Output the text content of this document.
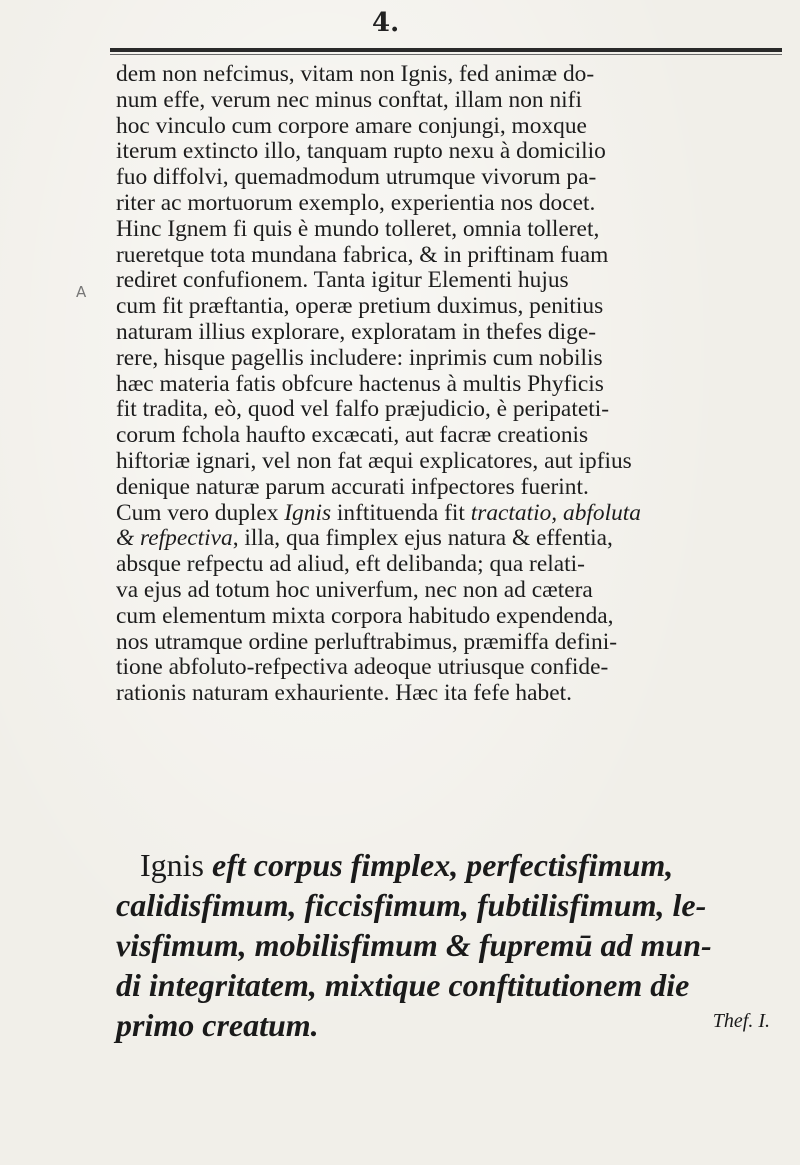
4.
A
dem non nefcimus, vitam non Ignis, fed animæ do-
num effe, verum nec minus conftat, illam non nifi
hoc vinculo cum corpore amare conjungi, moxque
iterum extincto illo, tanquam rupto nexu à domicilio
fuo diffolvi, quemadmodum utrumque vivorum pa-
riter ac mortuorum exemplo, experientia nos docet.
Hinc Ignem fi quis è mundo tolleret, omnia tolleret,
rueretque tota mundana fabrica, & in priftinam fuam
rediret confufionem. Tanta igitur Elementi hujus
cum fit præftantia, operæ pretium duximus, penitius
naturam illius explorare, exploratam in thefes dige-
rere, hisque pagellis includere: inprimis cum nobilis
hæc materia fatis obfcure hactenus à multis Phyficis
fit tradita, eò, quod vel falfo præjudicio, è peripateti-
corum fchola haufto excæcati, aut facræ creationis
hiftoriæ ignari, vel non fat æqui explicatores, aut ipfius
denique naturæ parum accurati infpectores fuerint.
Cum vero duplex Ignis inftituenda fit tractatio, abfoluta
& refpectiva, illa, qua fimplex ejus natura & effentia,
absque refpectu ad aliud, eft delibanda; qua relati-
va ejus ad totum hoc univerfum, nec non ad cætera
cum elementum mixta corpora habitudo expendenda,
nos utramque ordine perluftrabimus, præmiffa defini-
tione abfoluto-refpectiva adeoque utriusque confide-
rationis naturam exhauriente. Hæc ita fefe habet.
Ignis eft corpus fimplex, perfectisfimum,
calidisfimum, ficcisfimum, fubtilisfimum, le-
visfimum, mobilisfimum & fupremū ad mun-
di integritatem, mixtique conftitutionem die
primo creatum.	Thef. I.
